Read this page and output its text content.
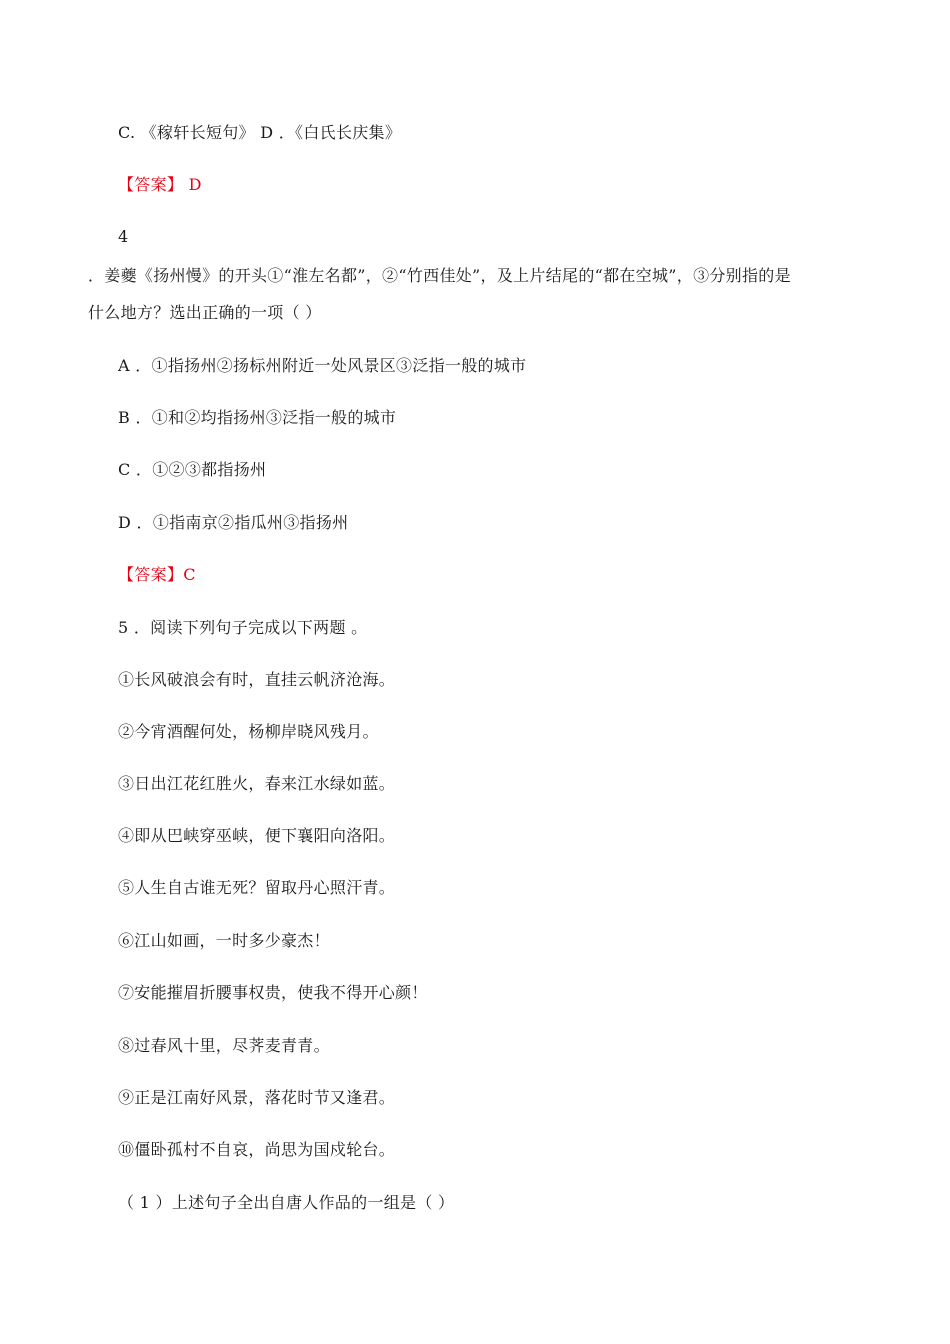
C. 《稼轩长短句》 D ．《白氏长庆集》
【答案】 D
4
．姜夔《扬州慢》的开头①“淮左名都”，②“竹西佳处”，及上片结尾的“都在空城”，③分别指的是
什么地方？选出正确的一项（ ）
A ．①指扬州②扬标州附近一处风景区③泛指一般的城市
B ．①和②均指扬州③泛指一般的城市
C ．①②③都指扬州
D ．①指南京②指瓜州③指扬州
【答案】C
5 ．阅读下列句子完成以下两题 。
①长风破浪会有时，直挂云帆济沧海。
②今宵酒醒何处，杨柳岸晓风残月。
③日出江花红胜火，春来江水绿如蓝。
④即从巴峡穿巫峡，便下襄阳向洛阳。
⑤人生自古谁无死？留取丹心照汗青。
⑥江山如画，一时多少豪杰！
⑦安能摧眉折腰事权贵，使我不得开心颜！
⑧过春风十里，尽荠麦青青。
⑨正是江南好风景，落花时节又逢君。
⑩僵卧孤村不自哀，尚思为国戍轮台。
（ 1 ）上述句子全出自唐人作品的一组是（ ）
